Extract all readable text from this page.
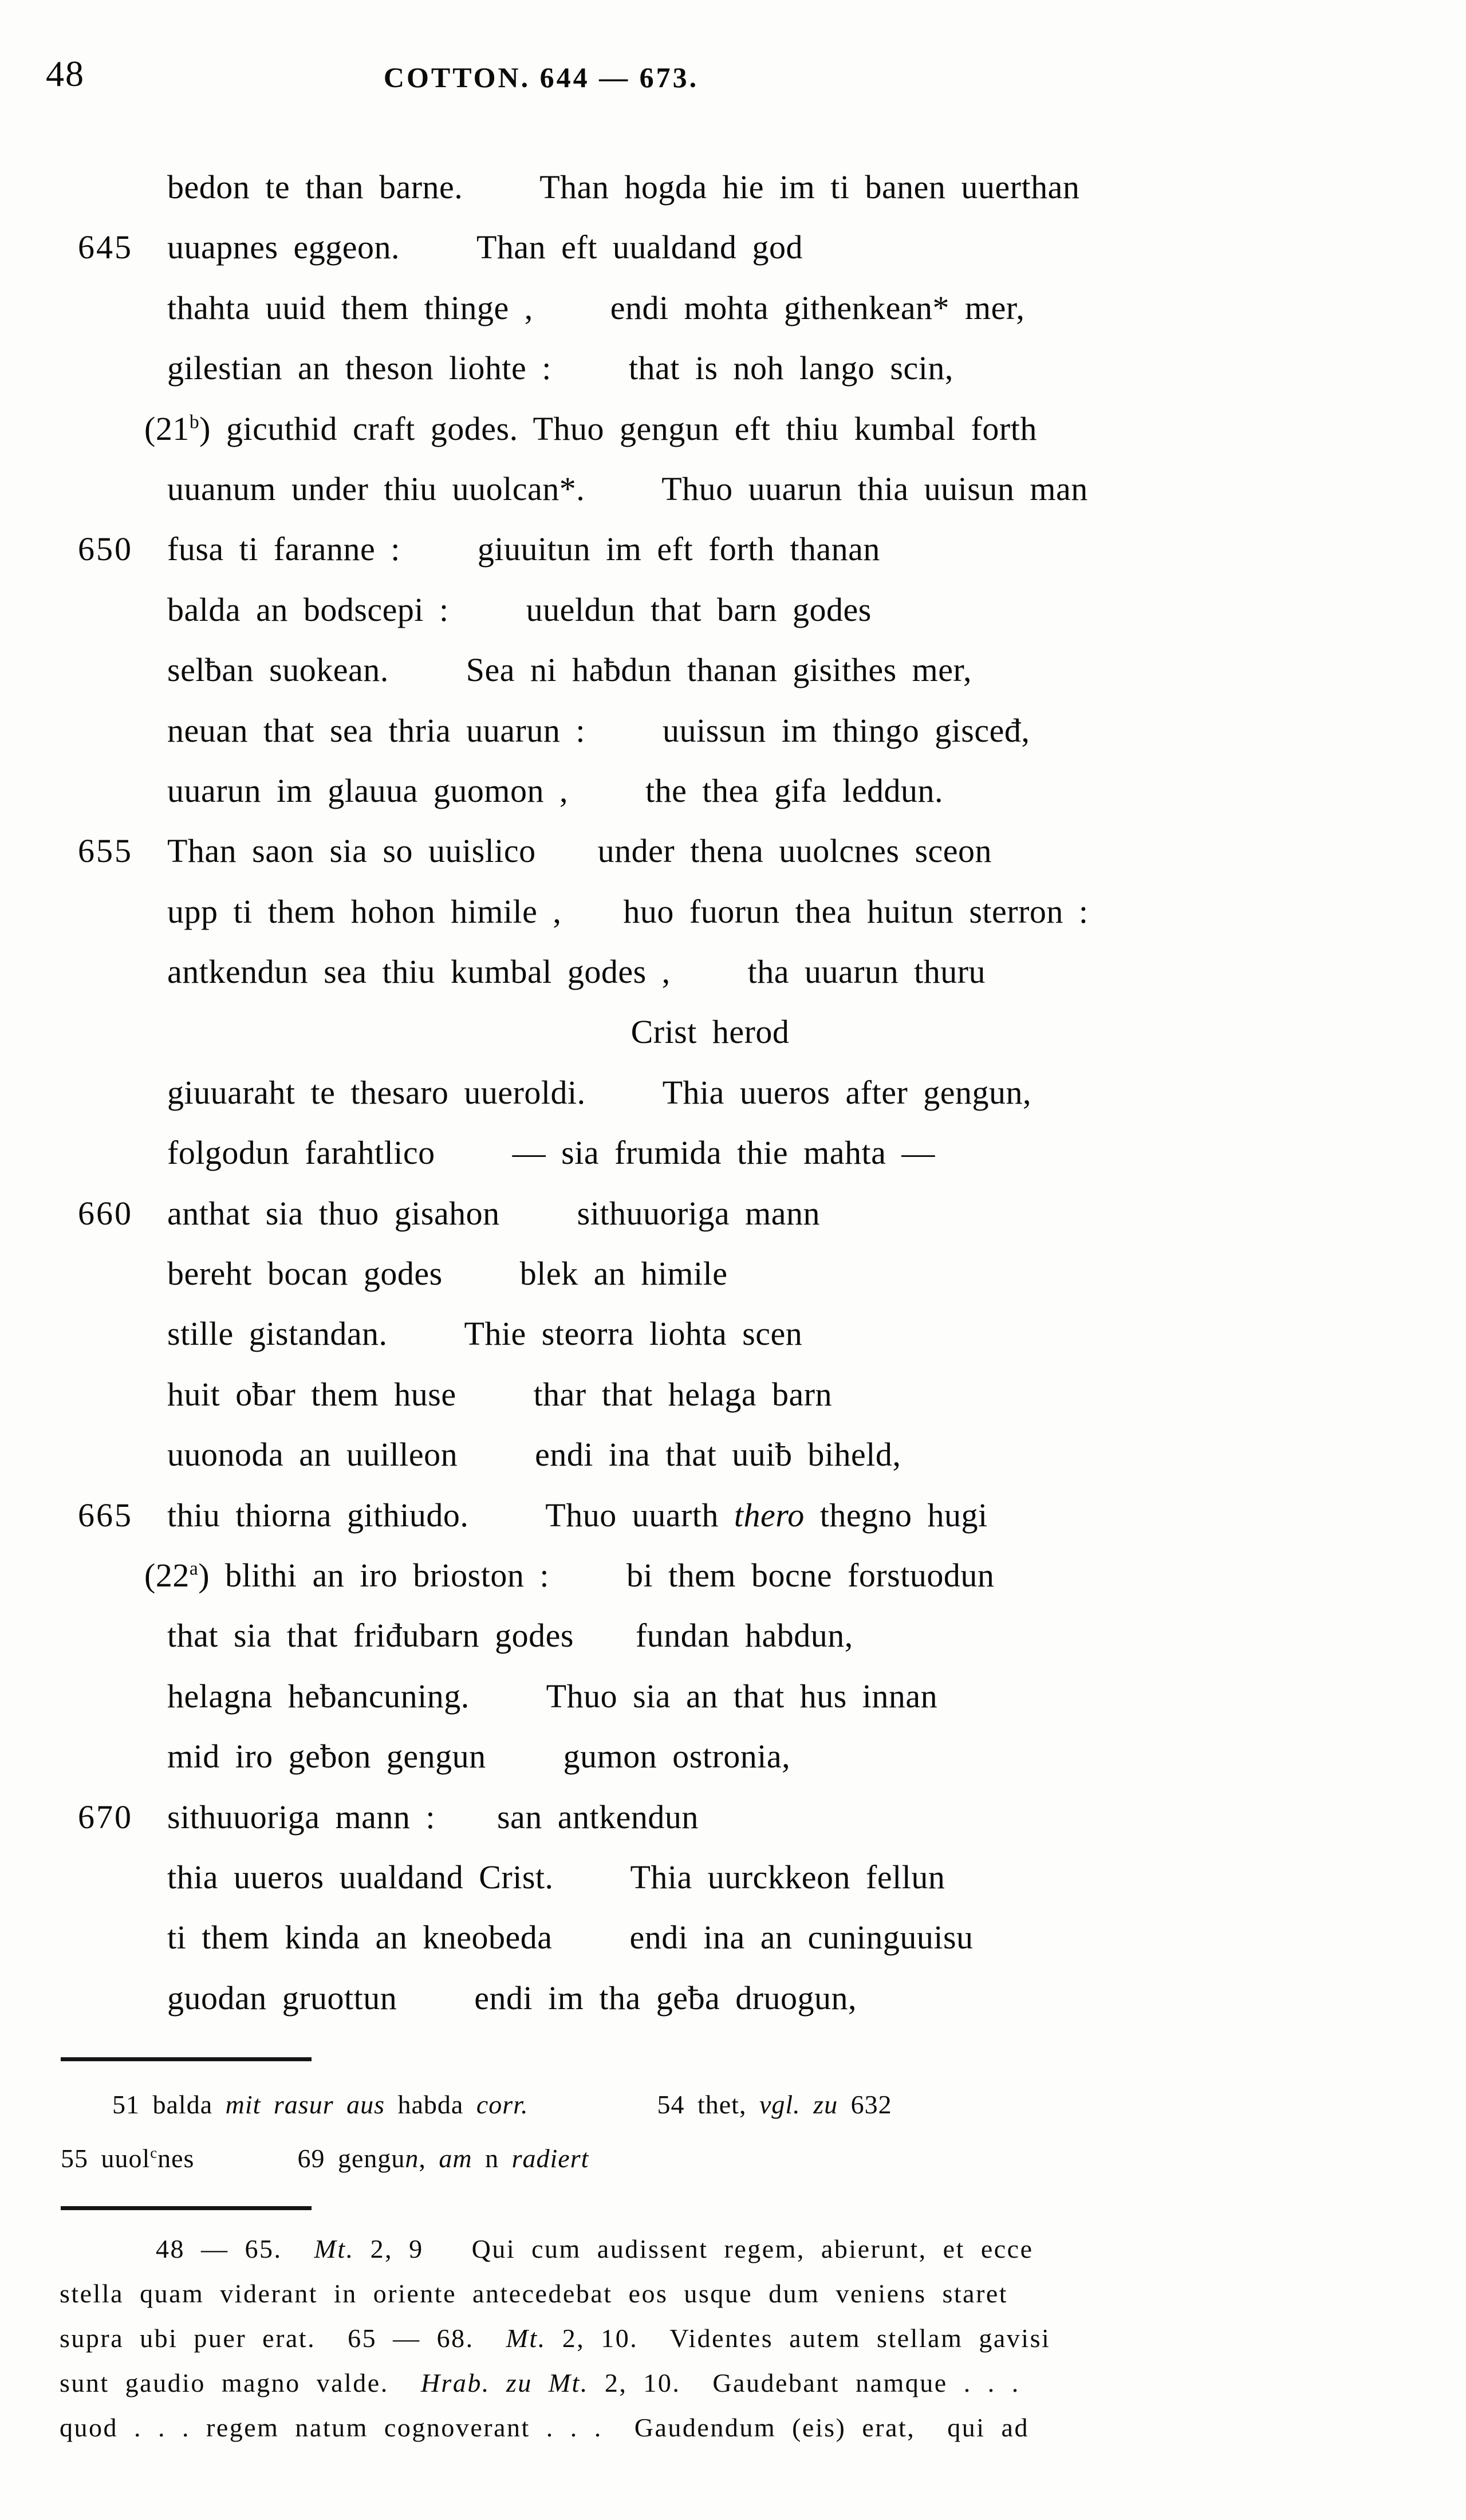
48	COTTON. 644 — 673.
bedon te than barne.     Than hogda hie im ti banen uuerthan
645 uuapnes eggeon.     Than eft uualdand god
thahta uuid them thinge ,     endi mohta githenkean* mer,
gilestian an theson liohte :     that is noh lango scin,
(21$^b$) gicuthid craft godes. Thuo gengun eft thiu kumbal forth
uuanum under thiu uuolcan*.     Thuo uuarun thia uuisun man
650 fusa ti faranne :     giuuitun im eft forth thanan
balda an bodscepi :     uueldun that barn godes
selƀan suokean.     Sea ni haƀdun thanan gisithes mer,
neuan that sea thria uuarun :     uuissun im thingo gisceđ,
uuarun im glauua guomon ,     the thea gifa leddun.
655 Than saon sia so uuislico    under thena uuolcnes sceon
upp ti them hohon himile ,    huo fuorun thea huitun sterron :
antkendun sea thiu kumbal godes ,     tha uuarun thuru
Crist herod
giuuaraht te thesaro uueroldi.     Thia uueros after gengun,
folgodun farahtlico     — sia frumida thie mahta —
660 anthat sia thuo gisahon     sithuuoriga mann
bereht bocan godes     blek an himile
stille gistandan.     Thie steorra liohta scen
huit oƀar them huse     thar that helaga barn
uuonoda an uuilleon     endi ina that uuiƀ biheld,
665 thiu thiorna githiudo.     Thuo uuarth thero thegno hugi
(22$^a$) blithi an iro brioston :     bi them bocne forstuodun
that sia that friđubarn godes    fundan habdun,
helagna heƀancuning.     Thuo sia an that hus innan
mid iro geƀon gengun     gumon ostronia,
670 sithuuoriga mann :    san antkendun
thia uueros uualdand Crist.     Thia uurckkeon fellun
ti them kinda an kneobeda     endi ina an cuninguuisu
guodan gruottun     endi im tha geƀa druogun,
51 balda mit rasur aus habda corr.          54 thet, vgl. zu 632
55 uuol$^c$nes        69 gengun, am n radiert
48 — 65.  Mt. 2, 9   Qui cum audissent regem, abierunt, et ecce
stella quam viderant in oriente antecedebat eos usque dum veniens staret
supra ubi puer erat.  65 — 68.  Mt. 2, 10.  Videntes autem stellam gavisi
sunt gaudio magno valde.  Hrab. zu Mt. 2, 10.  Gaudebant namque . . .
quod . . . regem natum cognoverant . . .  Gaudendum (eis) erat,  qui ad
